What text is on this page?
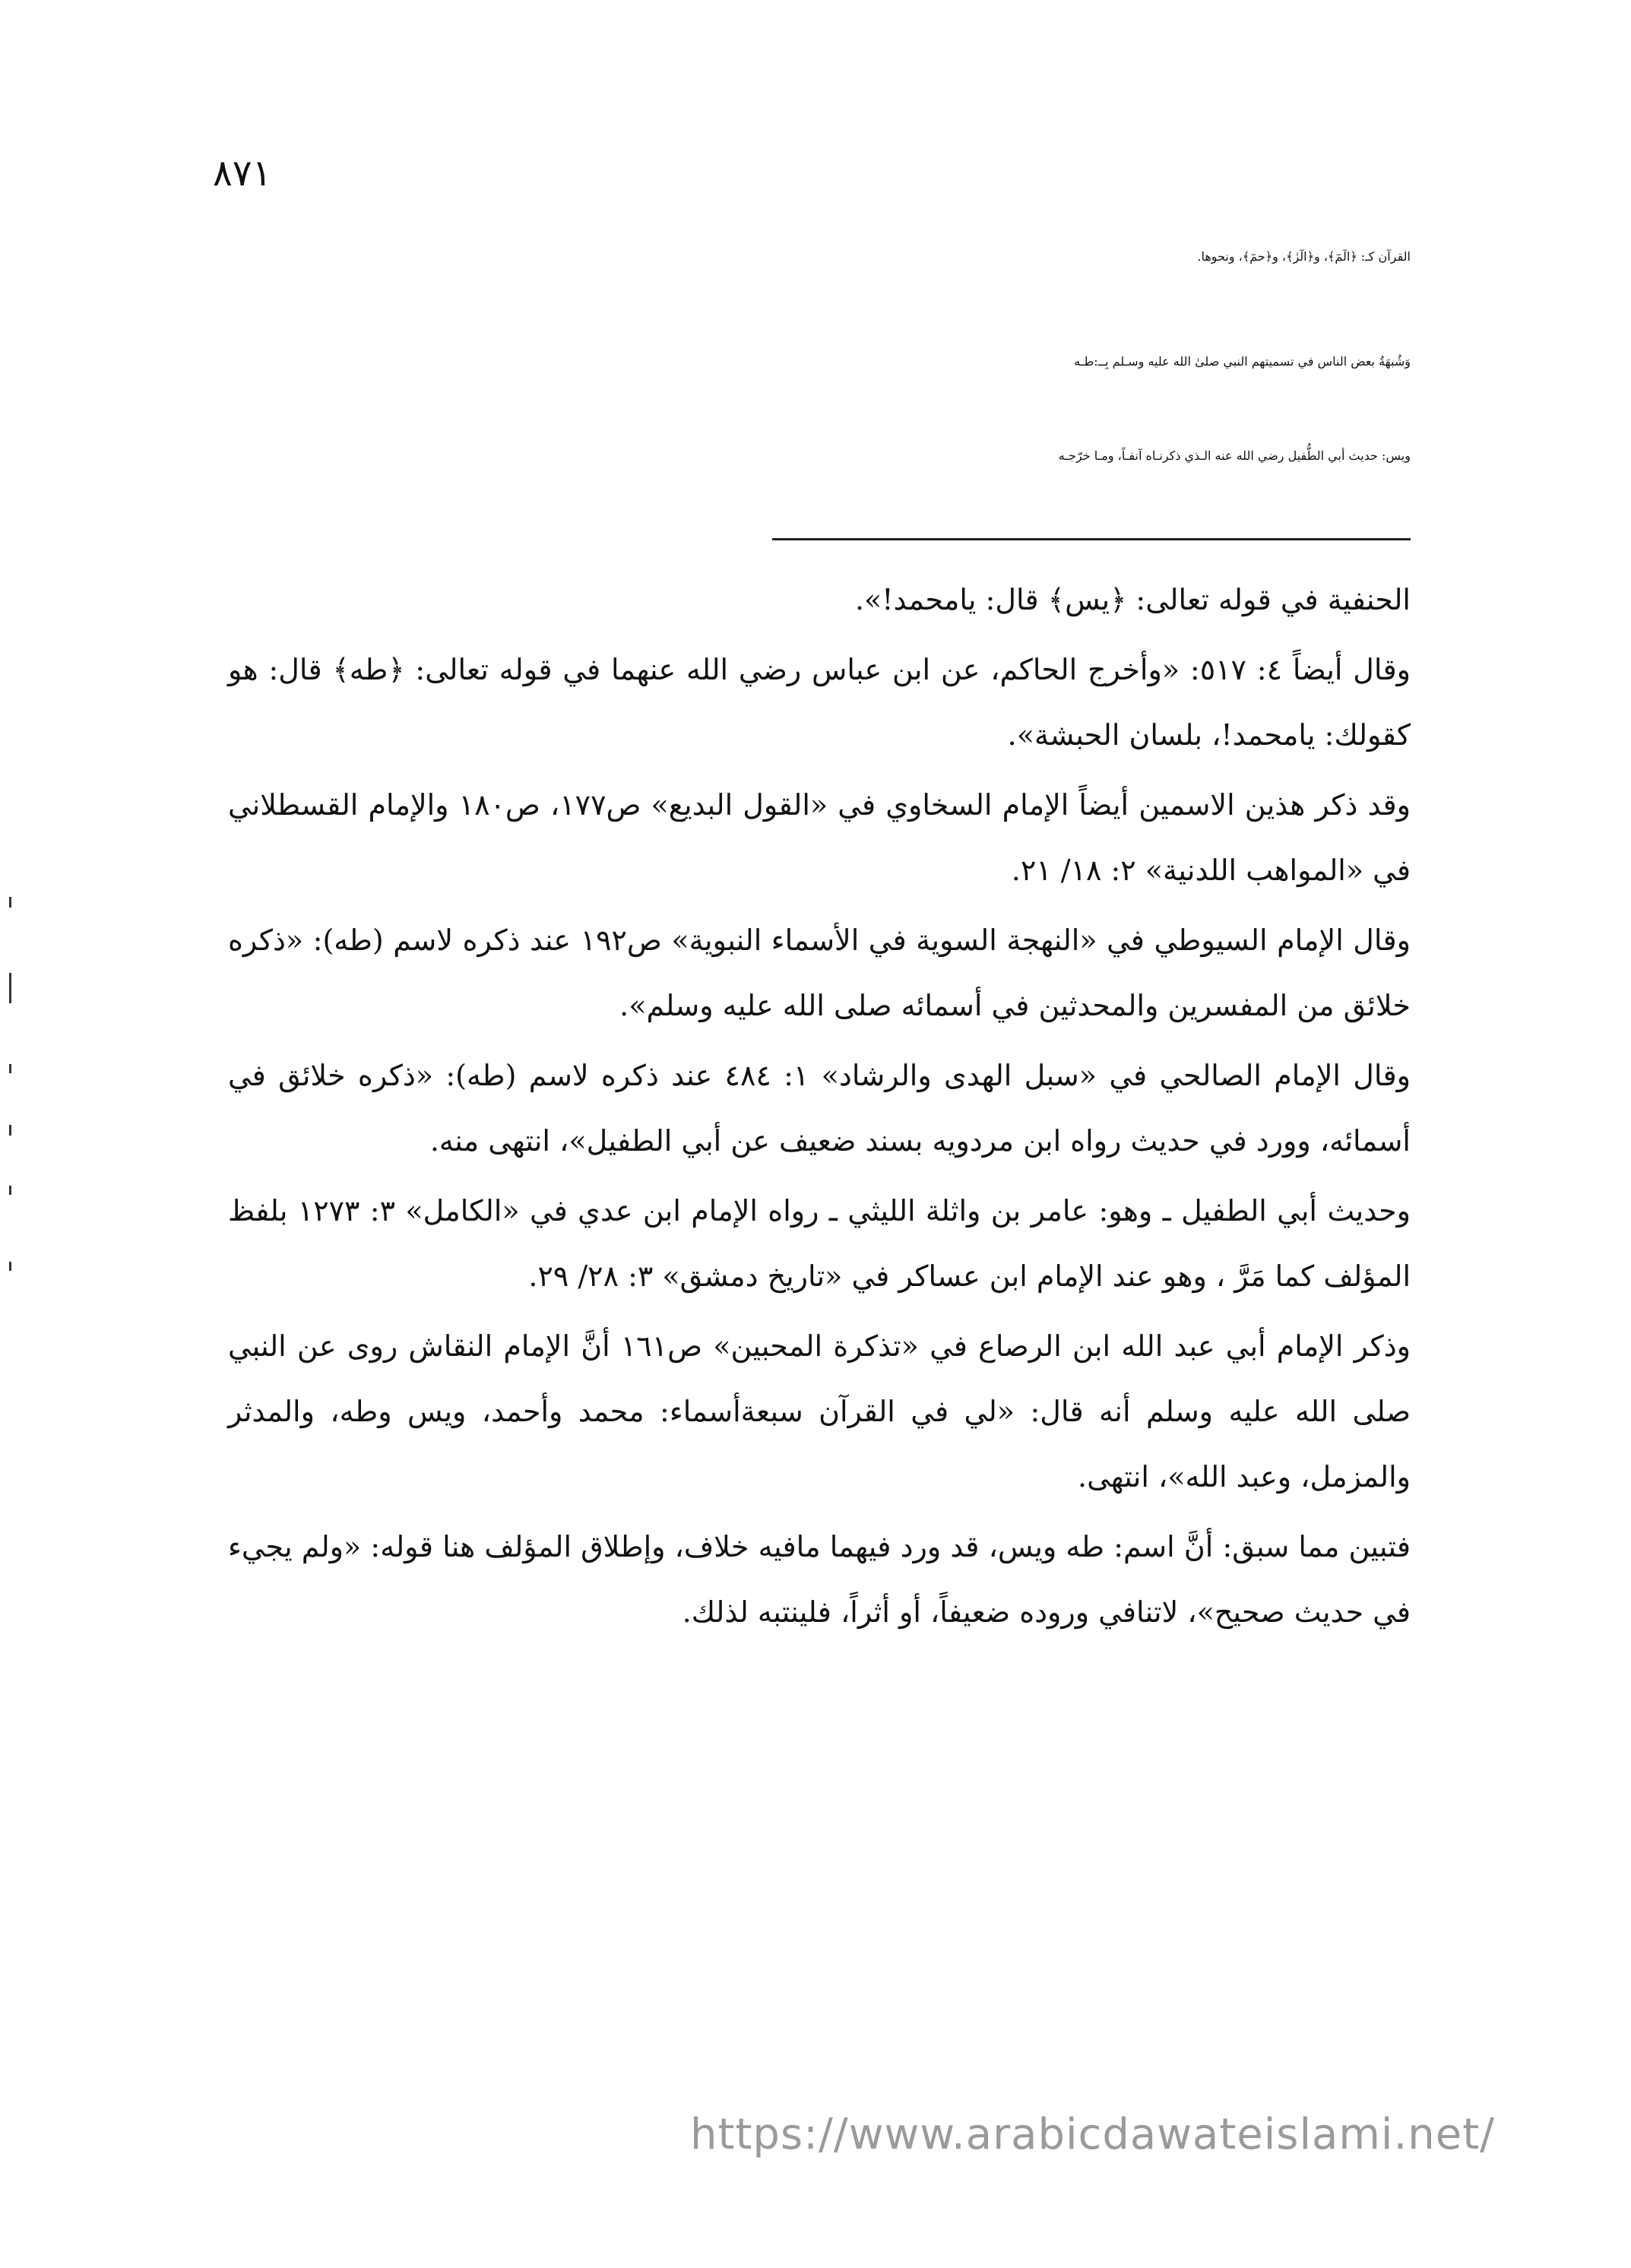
٨٧١
القرآن كـ: ﴿الٓمٓ﴾، و﴿الٓرٰ﴾، و﴿حمٓ﴾، ونحوها.
وَشُبهَةُ بعض الناس في تسميتهم النبي صلىٰ الله عليه وسـلم بِــ:طـه
ويس: حديث أبي الطُّفيل رضي الله عنه الـذي ذكرنـاه آنفـاً، ومـا خرّجـه

الحنفية في قوله تعالى: ﴿يس﴾ قال: يامحمد!».

وقال أيضاً ٤: ٥١٧: «وأخرج الحاكم، عن ابن عباس رضي الله عنهما في قوله تعالى: ﴿طه﴾ قال: هو كقولك: يامحمد!، بلسان الحبشة».

وقد ذكر هذين الاسمين أيضاً الإمام السخاوي في «القول البديع» ص١٧٧، ص١٨٠ والإمام القسطلاني في «المواهب اللدنية» ٢: ١٨/ ٢١.

وقال الإمام السيوطي في «النهجة السوية في الأسماء النبوية» ص١٩٢ عند ذكره لاسم (طه): «ذكره خلائق من المفسرين والمحدثين في أسمائه صلى الله عليه وسلم».

وقال الإمام الصالحي في «سبل الهدى والرشاد» ١: ٤٨٤ عند ذكره لاسم (طه): «ذكره خلائق في أسمائه، وورد في حديث رواه ابن مردويه بسند ضعيف عن أبي الطفيل»، انتهى منه.

وحديث أبي الطفيل ـ وهو: عامر بن واثلة الليثي ـ رواه الإمام ابن عدي في «الكامل» ٣: ١٢٧٣ بلفظ المؤلف كما مَرَّ ، وهو عند الإمام ابن عساكر في «تاريخ دمشق» ٣: ٢٨/ ٢٩.

وذكر الإمام أبي عبد الله ابن الرصاع في «تذكرة المحبين» ص١٦١ أنَّ الإمام النقاش روى عن النبي صلى الله عليه وسلم أنه قال: «لي في القرآن سبعةأسماء: محمد وأحمد، ويس وطه، والمدثر والمزمل، وعبد الله»، انتهى.

فتبين مما سبق: أنَّ اسم: طه ويس، قد ورد فيهما مافيه خلاف، وإطلاق المؤلف هنا قوله: «ولم يجيء في حديث صحيح»، لاتنافي وروده ضعيفاً، أو أثراً، فلينتبه لذلك.

https://www.arabicdawateislami.net/
